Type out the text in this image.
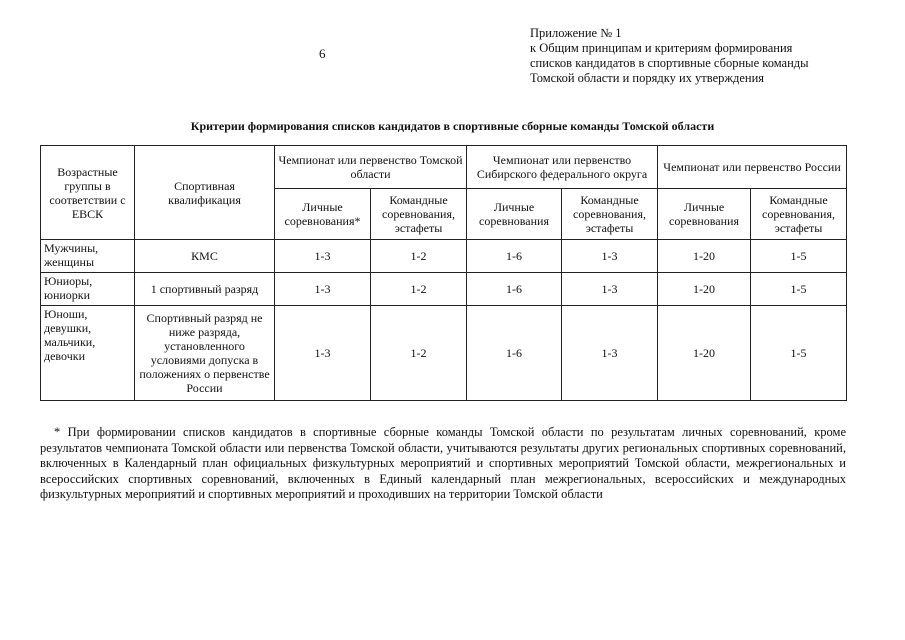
6
Приложение № 1
к Общим принципам и критериям формирования
списков кандидатов в спортивные сборные команды
Томской области и порядку их утверждения
Критерии формирования списков кандидатов в спортивные сборные команды Томской области
Возрастные группы в соответствии с ЕВСК	Спортивная квалификация	Чемпионат или первенство Томской области		Чемпионат или первенство Сибирского федерального округа		Чемпионат или первенство России	
		Личные соревнования*	Командные соревнования, эстафеты	Личные соревнования	Командные соревнования, эстафеты	Личные соревнования	Командные соревнования, эстафеты
Мужчины, женщины	КМС	1-3	1-2	1-6	1-3	1-20	1-5
Юниоры, юниорки	1 спортивный разряд	1-3	1-2	1-6	1-3	1-20	1-5
Юноши, девушки, мальчики, девочки	Спортивный разряд не ниже разряда, установленного условиями допуска в положениях о первенстве России	1-3	1-2	1-6	1-3	1-20	1-5
* При формировании списков кандидатов в спортивные сборные команды Томской области по результатам личных соревнований, кроме результатов чемпионата Томской области или первенства Томской области, учитываются результаты других региональных спортивных соревнований, включенных в Календарный план официальных физкультурных мероприятий и спортивных мероприятий Томской области, межрегиональных и всероссийских спортивных соревнований, включенных в Единый календарный план межрегиональных, всероссийских и международных физкультурных мероприятий и спортивных мероприятий и проходивших на территории Томской области
